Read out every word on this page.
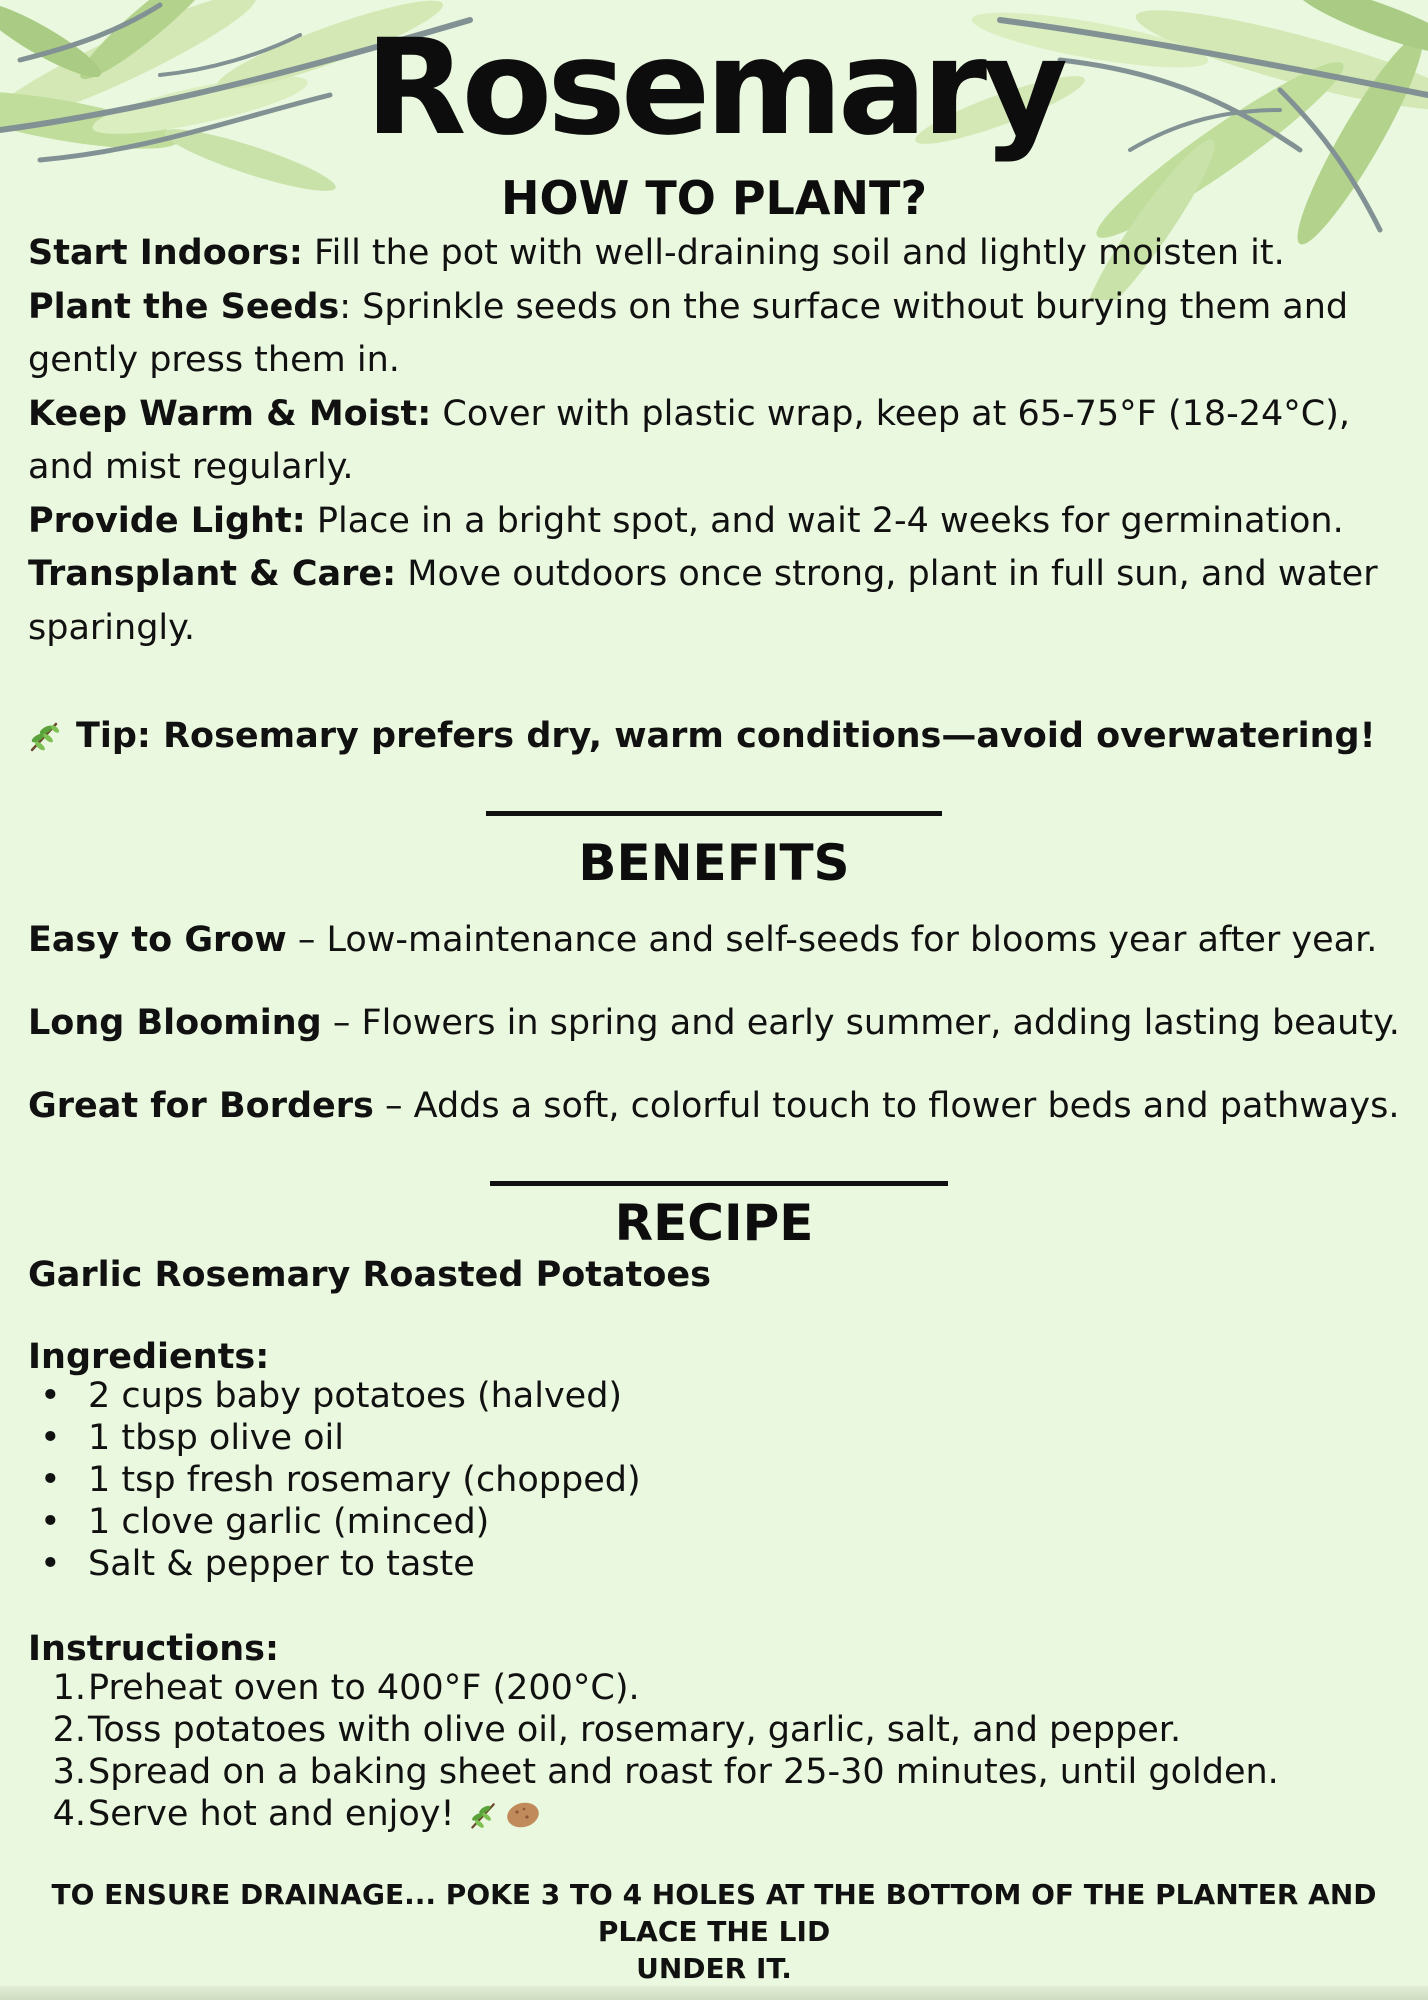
Rosemary
HOW TO PLANT?

Start Indoors: Fill the pot with well-draining soil and lightly moisten it.

Plant the Seeds: Sprinkle seeds on the surface without burying them and gently press them in.

Keep Warm & Moist: Cover with plastic wrap, keep at 65-75°F (18-24°C), and mist regularly.

Provide Light: Place in a bright spot, and wait 2-4 weeks for germination.

Transplant & Care: Move outdoors once strong, plant in full sun, and water sparingly.

Tip: Rosemary prefers dry, warm conditions—avoid overwatering!
BENEFITS

Easy to Grow – Low-maintenance and self-seeds for blooms year after year.

Long Blooming – Flowers in spring and early summer, adding lasting beauty.

Great for Borders – Adds a soft, colorful touch to flower beds and pathways.

RECIPE
Garlic Rosemary Roasted Potatoes
Ingredients:
• 2 cups baby potatoes (halved)
• 1 tbsp olive oil
• 1 tsp fresh rosemary (chopped)
• 1 clove garlic (minced)
• Salt & pepper to taste
Instructions:
1. Preheat oven to 400°F (200°C).
2. Toss potatoes with olive oil, rosemary, garlic, salt, and pepper.
3. Spread on a baking sheet and roast for 25-30 minutes, until golden.
4. Serve hot and enjoy!
TO ENSURE DRAINAGE... POKE 3 TO 4 HOLES AT THE BOTTOM OF THE PLANTER AND PLACE THE LID
UNDER IT.
